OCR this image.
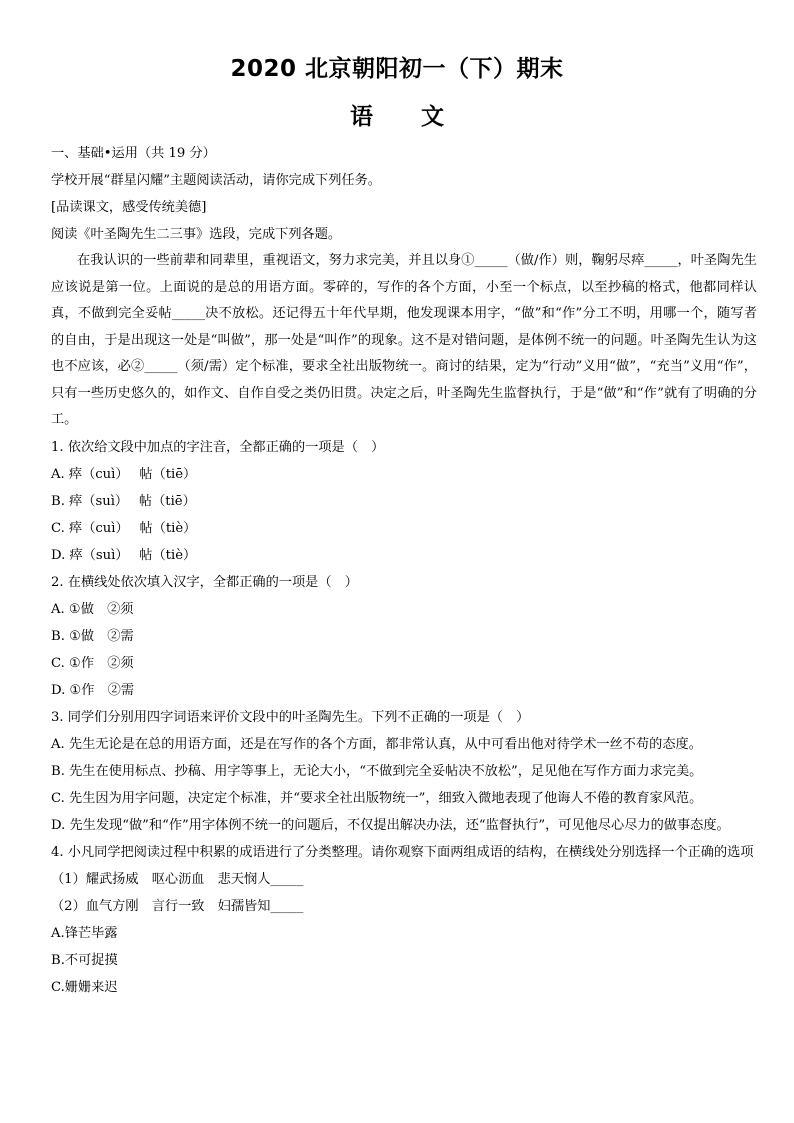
2020 北京朝阳初一（下）期末
语 文
一、基础•运用（共 19 分）
学校开展“群星闪耀”主题阅读活动，请你完成下列任务。
[品读课文，感受传统美德]
阅读《叶圣陶先生二三事》选段，完成下列各题。
在我认识的一些前辈和同辈里，重视语文，努力求完美，并且以身①_____（做/作）则，鞠躬尽瘁_____，叶圣陶先生应该说是第一位。上面说的是总的用语方面。零碎的，写作的各个方面，小至一个标点，以至抄稿的格式，他都同样认真，不做到完全妥帖_____决不放松。还记得五十年代早期，他发现课本用字，“做”和“作”分工不明，用哪一个，随写者的自由，于是出现这一处是“叫做”，那一处是“叫作”的现象。这不是对错问题，是体例不统一的问题。叶圣陶先生认为这也不应该，必②_____（须/需）定个标准，要求全社出版物统一。商讨的结果，定为“行动”义用“做”，“充当”义用“作”，只有一些历史悠久的，如作文、自作自受之类仍旧贯。决定之后，叶圣陶先生监督执行，于是“做”和“作”就有了明确的分工。
1. 依次给文段中加点的字注音，全都正确的一项是（　）
A. 瘁（cuì）　 帖（tiē）
B. 瘁（suì）　 帖（tiē）
C. 瘁（cuì）　 帖（tiè）
D. 瘁（suì）　 帖（tiè）
2. 在横线处依次填入汉字，全都正确的一项是（　）
A. ①做　②须
B. ①做　②需
C. ①作　②须
D. ①作　②需
3. 同学们分别用四字词语来评价文段中的叶圣陶先生。下列不正确的一项是（　）
A. 先生无论是在总的用语方面，还是在写作的各个方面，都非常认真，从中可看出他对待学术一丝不苟的态度。
B. 先生在使用标点、抄稿、用字等事上，无论大小，“不做到完全妥帖决不放松”，足见他在写作方面力求完美。
C. 先生因为用字问题，决定定个标准，并“要求全社出版物统一”，细致入微地表现了他诲人不倦的教育家风范。
D. 先生发现“做”和“作”用字体例不统一的问题后，不仅提出解决办法，还“监督执行”，可见他尽心尽力的做事态度。
4. 小凡同学把阅读过程中积累的成语进行了分类整理。请你观察下面两组成语的结构，在横线处分别选择一个正确的选项
（1）耀武扬威　呕心沥血　悲天悯人_____
（2）血气方刚　言行一致　妇孺皆知_____
A.锋芒毕露
B.不可捉摸
C.姗姗来迟
